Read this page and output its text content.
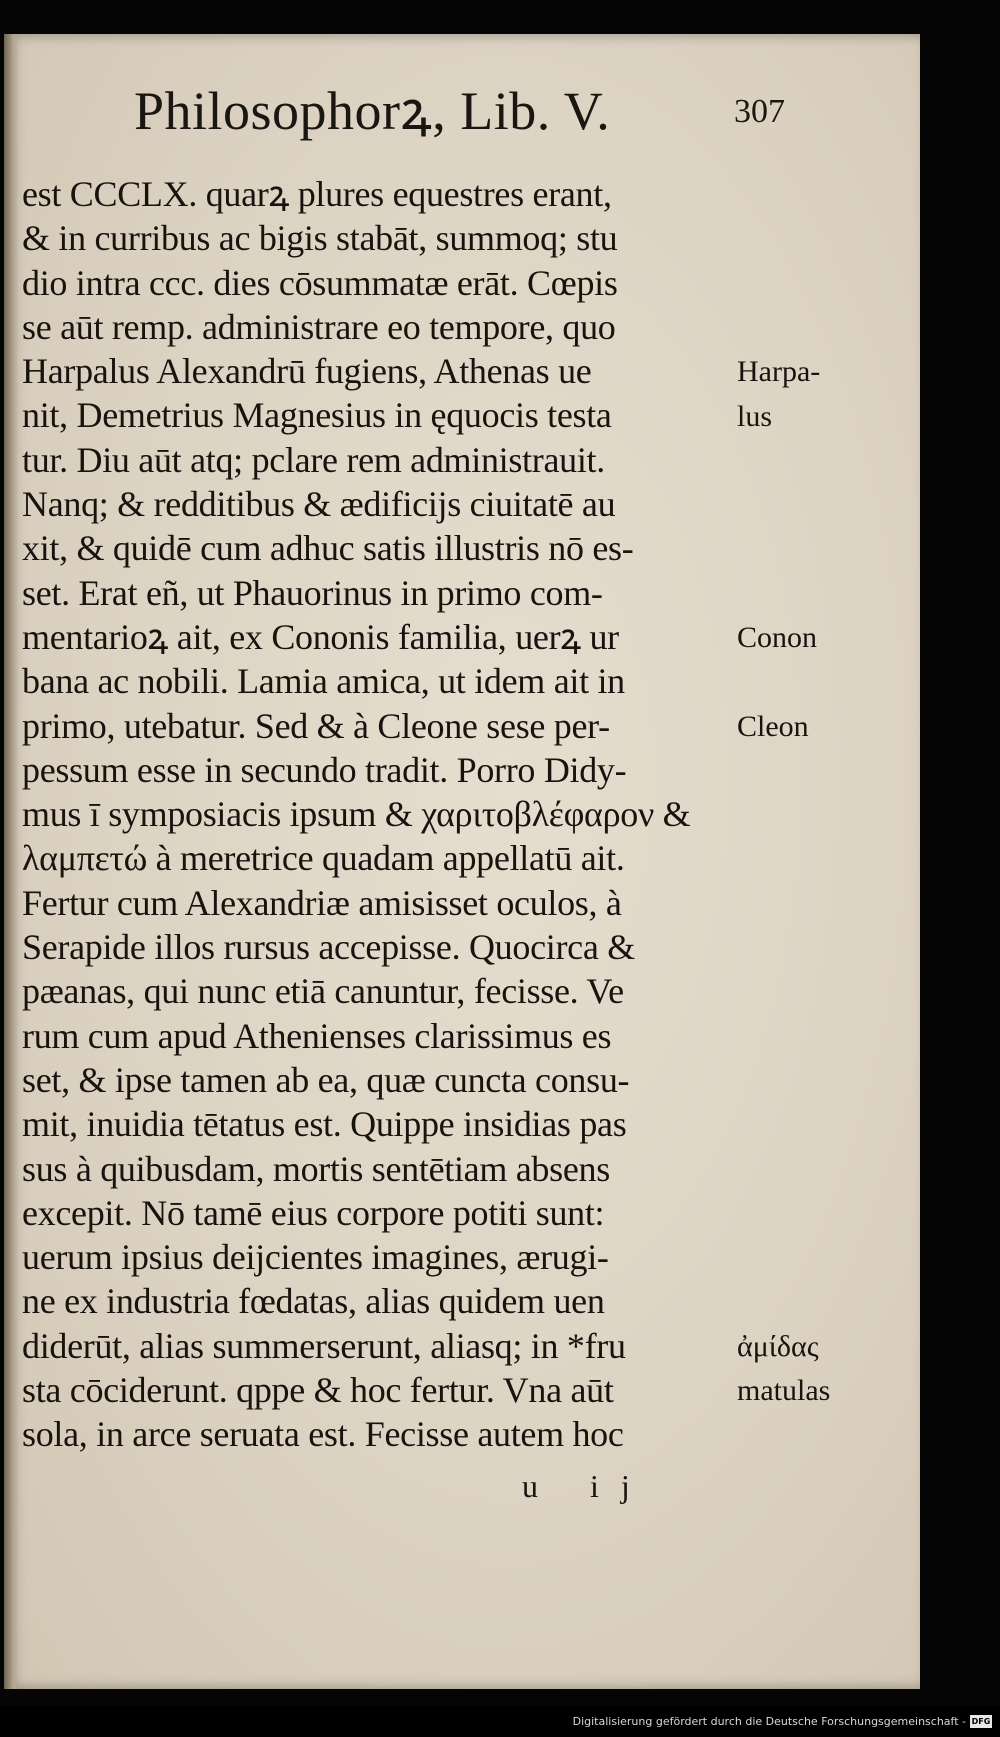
Philosophorꝝ, Lib. V.	307
est CCCLX. quarꝝ plures equestres erant,
& in curribus ac bigis stabāt, summoq; stu
dio intra ccc. dies cōsummatæ erāt. Cœpis
se aūt remp. administrare eo tempore, quo
Harpalus Alexandrū fugiens, Athenas ue
nit, Demetrius Magnesius in ęquocis testa
tur. Diu aūt atq; pclare rem administrauit.
Nanq; & redditibus & ædificijs ciuitatē au
xit, & quidē cum adhuc satis illustris nō es-
set. Erat eñ, ut Phauorinus in primo com-
mentarioꝝ ait, ex Cononis familia, uerꝝ ur
bana ac nobili. Lamia amica, ut idem ait in
primo, utebatur. Sed & à Cleone sese per-
pessum esse in secundo tradit. Porro Didy-
mus ī symposiacis ipsum & χαριτοβλέφαρον &
λαμπετώ à meretrice quadam appellatū ait.
Fertur cum Alexandriæ amisisset oculos, à
Serapide illos rursus accepisse. Quocirca &
pæanas, qui nunc etiā canuntur, fecisse. Ve
rum cum apud Athenienses clarissimus es
set, & ipse tamen ab ea, quæ cuncta consu-
mit, inuidia tētatus est. Quippe insidias pas
sus à quibusdam, mortis sentētiam absens
excepit. Nō tamē eius corpore potiti sunt:
uerum ipsius deijcientes imagines, ærugi-
ne ex industria fœdatas, alias quidem uen
diderūt, alias summerserunt, aliasq; in *fru
sta cōciderunt. qppe & hoc fertur. Vna aūt
sola, in arce seruata est. Fecisse autem hoc
Harpa-
lus
Conon
Cleon
ἀμίδας
matulas
u ij
Digitalisierung gefördert durch die Deutsche Forschungsgemeinschaft - DFG
